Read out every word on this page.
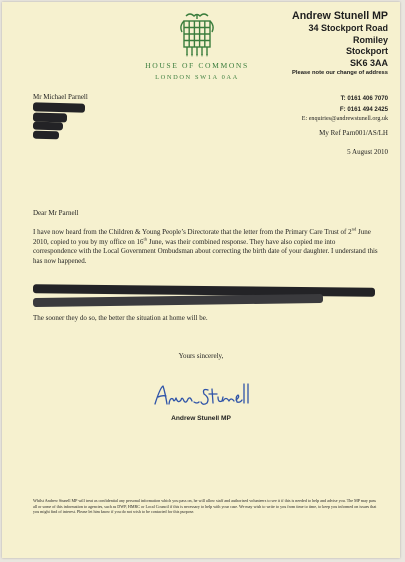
HOUSE OF COMMONS
LONDON SW1A 0AA
Andrew Stunell MP
34 Stockport Road
Romiley
Stockport
SK6 3AA
Please note our change of address
T: 0161 406 7070
F: 0161 494 2425
E: enquiries@andrewstunell.org.uk
My Ref Parn001/AS/LH
5 August 2010
Mr Michael Parnell
Dear Mr Parnell
I have now heard from the Children & Young People’s Directorate that the letter from the Primary Care Trust of 2nd June 2010, copied to you by my office on 16th June, was their combined response. They have also copied me into correspondence with the Local Government Ombudsman about correcting the birth date of your daughter. I understand this has now happened.
The sooner they do so, the better the situation at home will be.
Yours sincerely,
Andrew Stunell
Andrew Stunell MP
Whilst Andrew Stunell MP will treat as confidential any personal information which you pass on, he will allow staff and authorised volunteers to see it if this is needed to help and advise you. The MP may pass all or some of this information to agencies, such as DWP, HMRC or Local Council if this is necessary to help with your case. We may wish to write to you from time to time, to keep you informed on issues that you might find of interest. Please let him know if you do not wish to be contacted for this purpose.
